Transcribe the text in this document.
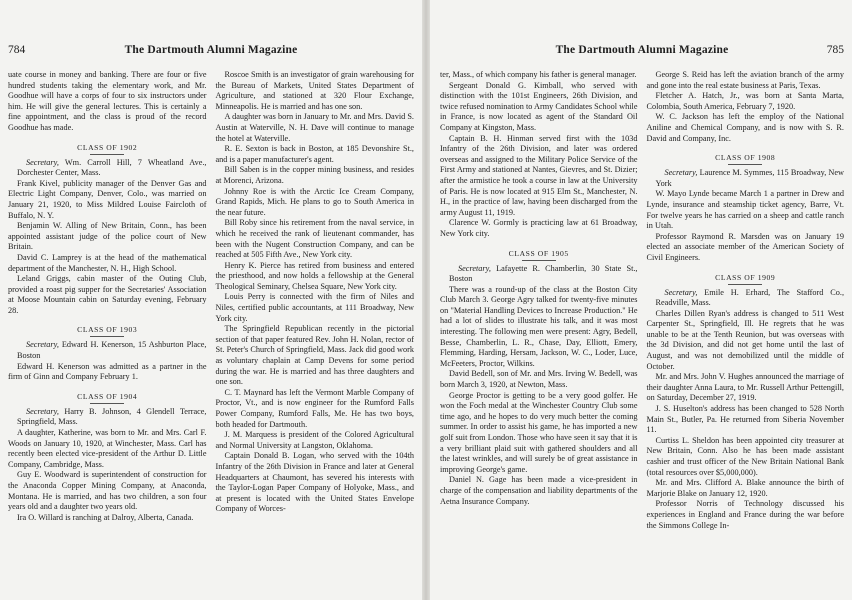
784	The Dartmouth Alumni Magazine

uate course in money and banking. There are four or five hundred students taking the elementary work, and Mr. Goodhue will have a corps of four to six instructors under him. He will give the general lectures. This is certainly a fine appointment, and the class is proud of the record Goodhue has made.

CLASS OF 1902

Secretary, Wm. Carroll Hill, 7 Wheatland Ave., Dorchester Center, Mass.

Frank Kivel, publicity manager of the Denver Gas and Electric Light Company, Denver, Colo., was married on January 21, 1920, to Miss Mildred Louise Faircloth of Buffalo, N. Y.

Benjamin W. Alling of New Britain, Conn., has been appointed assistant judge of the police court of New Britain.

David C. Lamprey is at the head of the mathematical department of the Manchester, N. H., High School.

Leland Griggs, cabin master of the Outing Club, provided a roast pig supper for the Secretaries' Association at Moose Mountain cabin on Saturday evening, February 28.

CLASS OF 1903

Secretary, Edward H. Kenerson, 15 Ashburton Place, Boston

Edward H. Kenerson was admitted as a partner in the firm of Ginn and Company February 1.

CLASS OF 1904

Secretary, Harry B. Johnson, 4 Glendell Terrace, Springfield, Mass.

A daughter, Katherine, was born to Mr. and Mrs. Carl F. Woods on January 10, 1920, at Winchester, Mass. Carl has recently been elected vice-president of the Arthur D. Little Company, Cambridge, Mass.

Guy E. Woodward is superintendent of construction for the Anaconda Copper Mining Company, at Anaconda, Montana. He is married, and has two children, a son four years old and a daughter two years old.

Ira O. Willard is ranching at Dalroy, Alberta, Canada.

Roscoe Smith is an investigator of grain warehousing for the Bureau of Markets, United States Department of Agriculture, and stationed at 320 Flour Exchange, Minneapolis. He is married and has one son.

A daughter was born in January to Mr. and Mrs. David S. Austin at Waterville, N. H. Dave will continue to manage the hotel at Waterville.

R. E. Sexton is back in Boston, at 185 Devonshire St., and is a paper manufacturer's agent.

Bill Saben is in the copper mining business, and resides at Morenci, Arizona.

Johnny Roe is with the Arctic Ice Cream Company, Grand Rapids, Mich. He plans to go to South America in the near future.

Bill Roby since his retirement from the naval service, in which he received the rank of lieutenant commander, has been with the Nugent Construction Company, and can be reached at 505 Fifth Ave., New York city.

Henry K. Pierce has retired from business and entered the priesthood, and now holds a fellowship at the General Theological Seminary, Chelsea Square, New York city.

Louis Perry is connected with the firm of Niles and Niles, certified public accountants, at 111 Broadway, New York city.

The Springfield Republican recently in the pictorial section of that paper featured Rev. John H. Nolan, rector of St. Peter's Church of Springfield, Mass. Jack did good work as voluntary chaplain at Camp Devens for some period during the war. He is married and has three daughters and one son.

C. T. Maynard has left the Vermont Marble Company of Proctor, Vt., and is now engineer for the Rumford Falls Power Company, Rumford Falls, Me. He has two boys, both headed for Dartmouth.

J. M. Marquess is president of the Colored Agricultural and Normal University at Langston, Oklahoma.

Captain Donald B. Logan, who served with the 104th Infantry of the 26th Division in France and later at General Headquarters at Chaumont, has severed his interests with the Taylor-Logan Paper Company of Holyoke, Mass., and at present is located with the United States Envelope Company of Worces-

The Dartmouth Alumni Magazine	785

ter, Mass., of which company his father is general manager.

Sergeant Donald G. Kimball, who served with distinction with the 101st Engineers, 26th Division, and twice refused nomination to Army Candidates School while in France, is now located as agent of the Standard Oil Company at Kingston, Mass.

Captain B. H. Hinman served first with the 103d Infantry of the 26th Division, and later was ordered overseas and assigned to the Military Police Service of the First Army and stationed at Nantes, Gievres, and St. Dizier; after the armistice he took a course in law at the University of Paris. He is now located at 915 Elm St., Manchester, N. H., in the practice of law, having been discharged from the army August 11, 1919.

Clarence W. Gormly is practicing law at 61 Broadway, New York city.

CLASS OF 1905

Secretary, Lafayette R. Chamberlin, 30 State St., Boston

There was a round-up of the class at the Boston City Club March 3. George Agry talked for twenty-five minutes on "Material Handling Devices to Increase Production." He had a lot of slides to illustrate his talk, and it was most interesting. The following men were present: Agry, Bedell, Besse, Chamberlin, L. R., Chase, Day, Elliott, Emery, Flemming, Harding, Hersam, Jackson, W. C., Loder, Luce, McFeeters, Proctor, Wilkins.

David Bedell, son of Mr. and Mrs. Irving W. Bedell, was born March 3, 1920, at Newton, Mass.

George Proctor is getting to be a very good golfer. He won the Foch medal at the Winchester Country Club some time ago, and he hopes to do very much better the coming summer. In order to assist his game, he has imported a new golf suit from London. Those who have seen it say that it is a very brilliant plaid suit with gathered shoulders and all the latest wrinkles, and will surely be of great assistance in improving George's game.

Daniel N. Gage has been made a vice-president in charge of the compensation and liability departments of the Aetna Insurance Company.

George S. Reid has left the aviation branch of the army and gone into the real estate business at Paris, Texas.

Fletcher A. Hatch, Jr., was born at Santa Marta, Colombia, South America, February 7, 1920.

W. C. Jackson has left the employ of the National Aniline and Chemical Company, and is now with S. R. David and Company, Inc.

CLASS OF 1908

Secretary, Laurence M. Symmes, 115 Broadway, New York

W. Mayo Lynde became March 1 a partner in Drew and Lynde, insurance and steamship ticket agency, Barre, Vt. For twelve years he has carried on a sheep and cattle ranch in Utah.

Professor Raymond R. Marsden was on January 19 elected an associate member of the American Society of Civil Engineers.

CLASS OF 1909

Secretary, Emile H. Erhard, The Stafford Co., Readville, Mass.

Charles Dillen Ryan's address is changed to 511 West Carpenter St., Springfield, Ill. He regrets that he was unable to be at the Tenth Reunion, but was overseas with the 3d Division, and did not get home until the last of August, and was not demobilized until the middle of October.

Mr. and Mrs. John V. Hughes announced the marriage of their daughter Anna Laura, to Mr. Russell Arthur Pettengill, on Saturday, December 27, 1919.

J. S. Huselton's address has been changed to 528 North Main St., Butler, Pa. He returned from Siberia November 11.

Curtiss L. Sheldon has been appointed city treasurer at New Britain, Conn. Also he has been made assistant cashier and trust officer of the New Britain National Bank (total resources over $5,000,000).

Mr. and Mrs. Clifford A. Blake announce the birth of Marjorie Blake on January 12, 1920.

Professor Norris of Technology discussed his experiences in England and France during the war before the Simmons College In-
